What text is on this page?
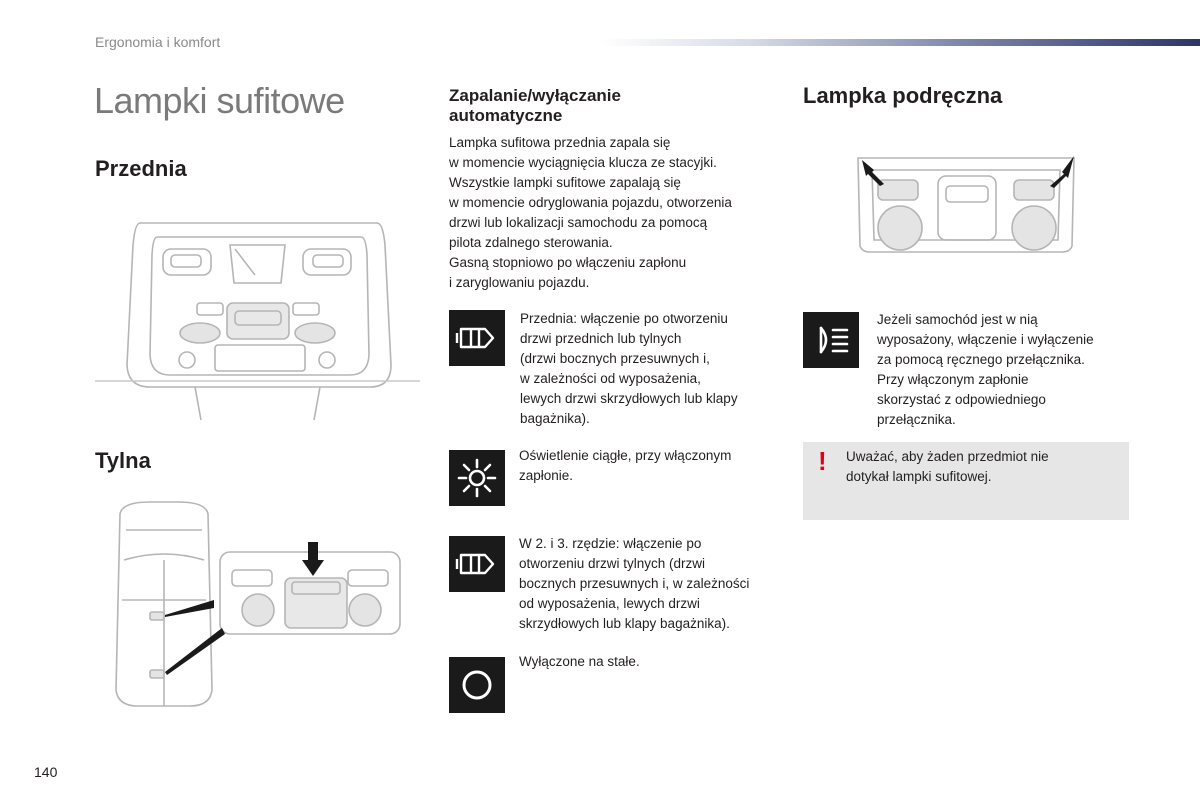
Ergonomia i komfort
Lampki sufitowe
Przednia
Tylna
Zapalanie/wyłączanie
automatyczne
Lampka sufitowa przednia zapala się
w momencie wyciągnięcia klucza ze stacyjki.
Wszystkie lampki sufitowe zapalają się
w momencie odryglowania pojazdu, otworzenia
drzwi lub lokalizacji samochodu za pomocą
pilota zdalnego sterowania.
Gasną stopniowo po włączeniu zapłonu
i zaryglowaniu pojazdu.
Przednia: włączenie po otworzeniu
drzwi przednich lub tylnych
(drzwi bocznych przesuwnych i,
w zależności od wyposażenia,
lewych drzwi skrzydłowych lub klapy
bagażnika).
Oświetlenie ciągłe, przy włączonym
zapłonie.
W 2. i 3. rzędzie: włączenie po
otworzeniu drzwi tylnych (drzwi
bocznych przesuwnych i, w zależności
od wyposażenia, lewych drzwi
skrzydłowych lub klapy bagażnika).
Wyłączone na stałe.
Lampka podręczna
Jeżeli samochód jest w nią
wyposażony, włączenie i wyłączenie
za pomocą ręcznego przełącznika.
Przy włączonym zapłonie
skorzystać z odpowiedniego
przełącznika.
! Uważać, aby żaden przedmiot nie
dotykał lampki sufitowej.
140
